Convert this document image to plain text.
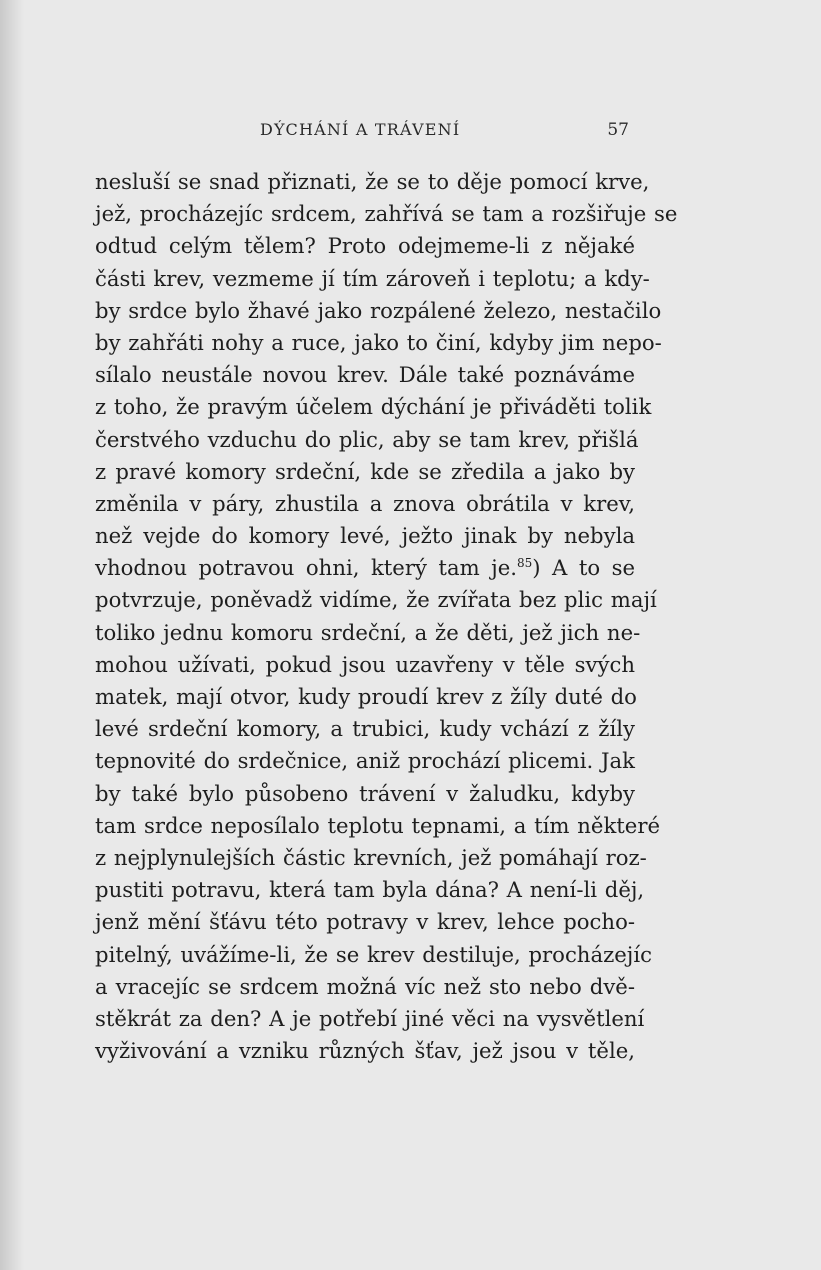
DÝCHÁNÍ A TRÁVENÍ	57
nesluší se snad přiznati, že se to děje pomocí krve,
jež, procházejíc srdcem, zahřívá se tam a rozšiřuje se
odtud celým tělem? Proto odejmeme-li z nějaké
části krev, vezmeme jí tím zároveň i teplotu; a kdy-
by srdce bylo žhavé jako rozpálené železo, nestačilo
by zahřáti nohy a ruce, jako to činí, kdyby jim nepo-
sílalo neustále novou krev. Dále také poznáváme
z toho, že pravým účelem dýchání je přiváděti tolik
čerstvého vzduchu do plic, aby se tam krev, přišlá
z pravé komory srdeční, kde se zředila a jako by
změnila v páry, zhustila a znova obrátila v krev,
než vejde do komory levé, ježto jinak by nebyla
vhodnou potravou ohni, který tam je.$^{85}$) A to se
potvrzuje, poněvadž vidíme, že zvířata bez plic mají
toliko jednu komoru srdeční, a že děti, jež jich ne-
mohou užívati, pokud jsou uzavřeny v těle svých
matek, mají otvor, kudy proudí krev z žíly duté do
levé srdeční komory, a trubici, kudy vchází z žíly
tepnovité do srdečnice, aniž prochází plicemi. Jak
by také bylo působeno trávení v žaludku, kdyby
tam srdce neposílalo teplotu tepnami, a tím některé
z nejplynulejších částic krevních, jež pomáhají roz-
pustiti potravu, která tam byla dána? A není-li děj,
jenž mění šťávu této potravy v krev, lehce pocho-
pitelný, uvážíme-li, že se krev destiluje, procházejíc
a vracejíc se srdcem možná víc než sto nebo dvě-
stěkrát za den? A je potřebí jiné věci na vysvětlení
vyživování a vzniku různých šťav, jež jsou v těle,
